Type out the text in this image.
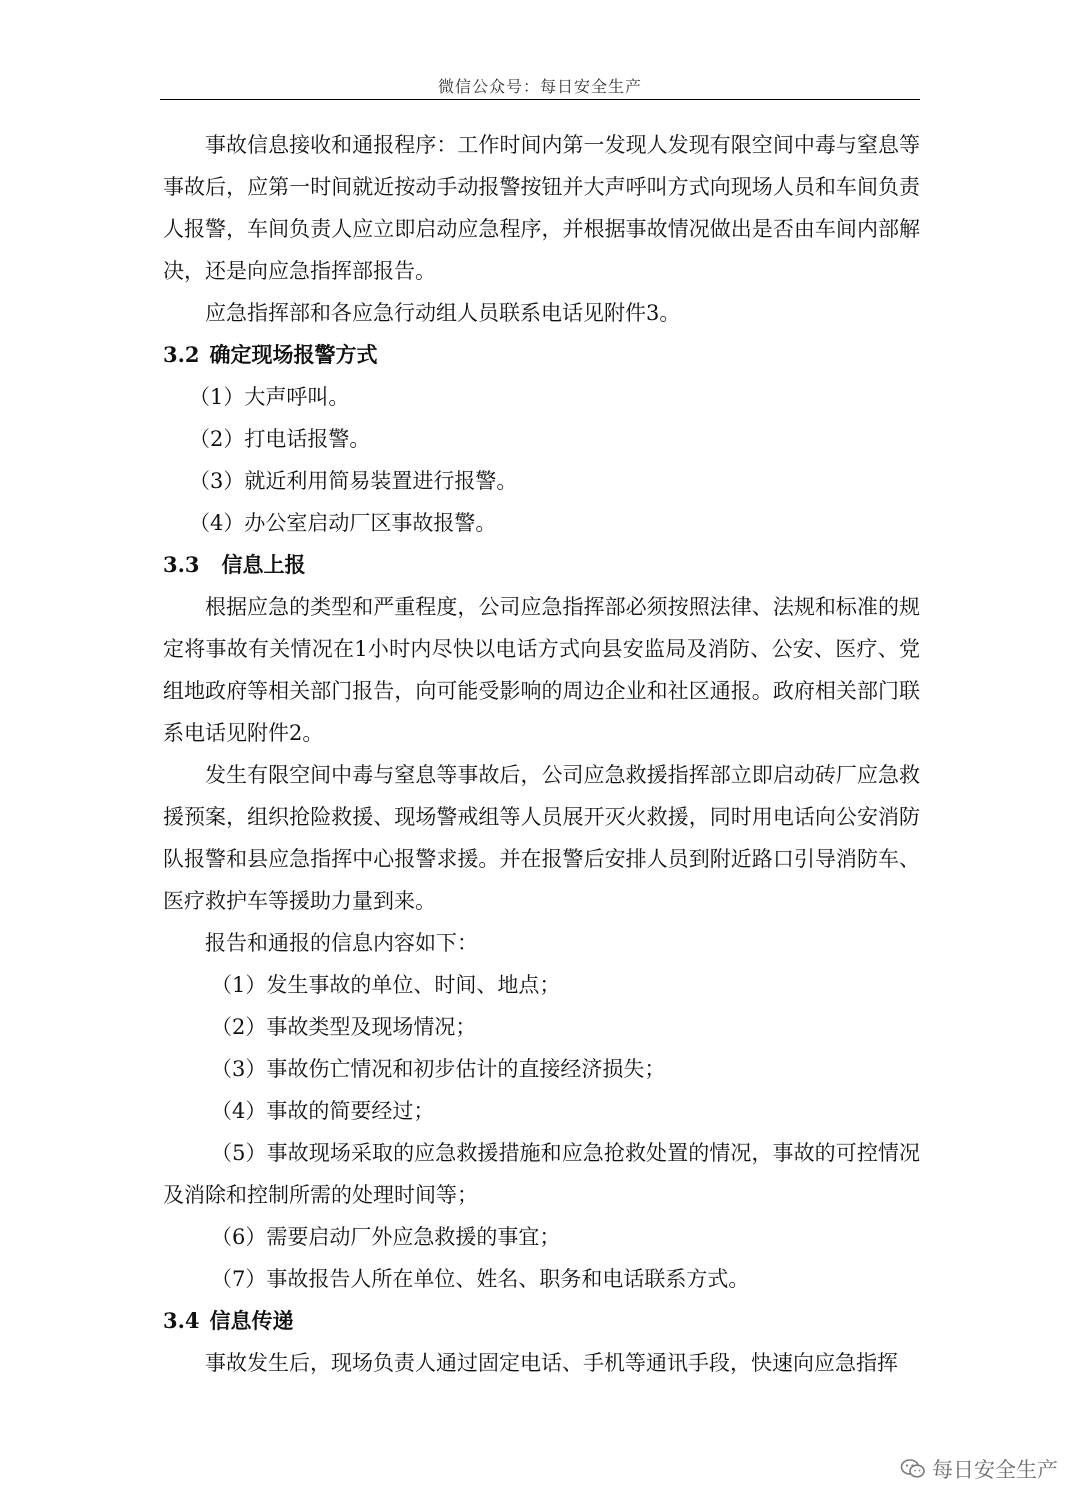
微信公众号：每日安全生产

事故信息接收和通报程序：工作时间内第一发现人发现有限空间中毒与窒息等事故后，应第一时间就近按动手动报警按钮并大声呼叫方式向现场人员和车间负责人报警，车间负责人应立即启动应急程序，并根据事故情况做出是否由车间内部解决，还是向应急指挥部报告。

应急指挥部和各应急行动组人员联系电话见附件3。

3.2 确定现场报警方式

（1）大声呼叫。

（2）打电话报警。

（3）就近利用简易装置进行报警。

（4）办公室启动厂区事故报警。

3.3 信息上报

根据应急的类型和严重程度，公司应急指挥部必须按照法律、法规和标准的规定将事故有关情况在1小时内尽快以电话方式向县安监局及消防、公安、医疗、党组地政府等相关部门报告，向可能受影响的周边企业和社区通报。政府相关部门联系电话见附件2。

发生有限空间中毒与窒息等事故后，公司应急救援指挥部立即启动砖厂应急救援预案，组织抢险救援、现场警戒组等人员展开灭火救援，同时用电话向公安消防队报警和县应急指挥中心报警求援。并在报警后安排人员到附近路口引导消防车、医疗救护车等援助力量到来。

报告和通报的信息内容如下：

（1）发生事故的单位、时间、地点；

（2）事故类型及现场情况；

（3）事故伤亡情况和初步估计的直接经济损失；

（4）事故的简要经过；

（5）事故现场采取的应急救援措施和应急抢救处置的情况，事故的可控情况及消除和控制所需的处理时间等；

（6）需要启动厂外应急救援的事宜；

（7）事故报告人所在单位、姓名、职务和电话联系方式。

3.4 信息传递

事故发生后，现场负责人通过固定电话、手机等通讯手段，快速向应急指挥

每日安全生产
